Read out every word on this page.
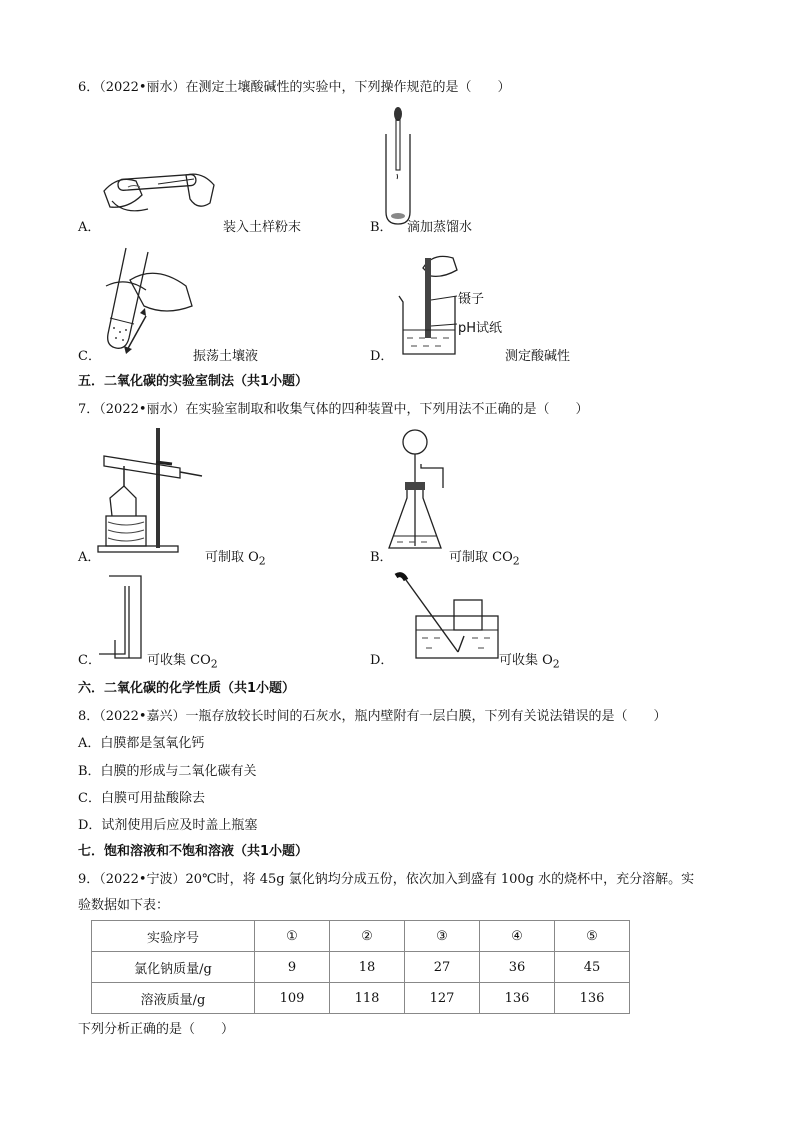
6．（2022•丽水）在测定土壤酸碱性的实验中，下列操作规范的是（　　）
A．	装入土样粉末	B． 滴加蒸馏水
C．	振荡土壤液	D．
镊子
pH试纸
测定酸碱性
五．二氧化碳的实验室制法（共1小题）
7．（2022•丽水）在实验室制取和收集气体的四种装置中，下列用法不正确的是（　　）
A．	可制取 $O_2$	B．	可制取 $CO_2$
C．	可收集 $CO_2$	D．	可收集 $O_2$
六．二氧化碳的化学性质（共1小题）
8．（2022•嘉兴）一瓶存放较长时间的石灰水，瓶内壁附有一层白膜，下列有关说法错误的是（　　）
A．白膜都是氢氧化钙
B．白膜的形成与二氧化碳有关
C．白膜可用盐酸除去
D．试剂使用后应及时盖上瓶塞
七．饱和溶液和不饱和溶液（共1小题）
9．（2022•宁波）20℃时，将 45g 氯化钠均分成五份，依次加入到盛有 100g 水的烧杯中，充分溶解。实
验数据如下表：
实验序号	①	②	③	④	⑤
氯化钠质量/g	9	18	27	36	45
溶液质量/g	109	118	127	136	136
下列分析正确的是（　　）
